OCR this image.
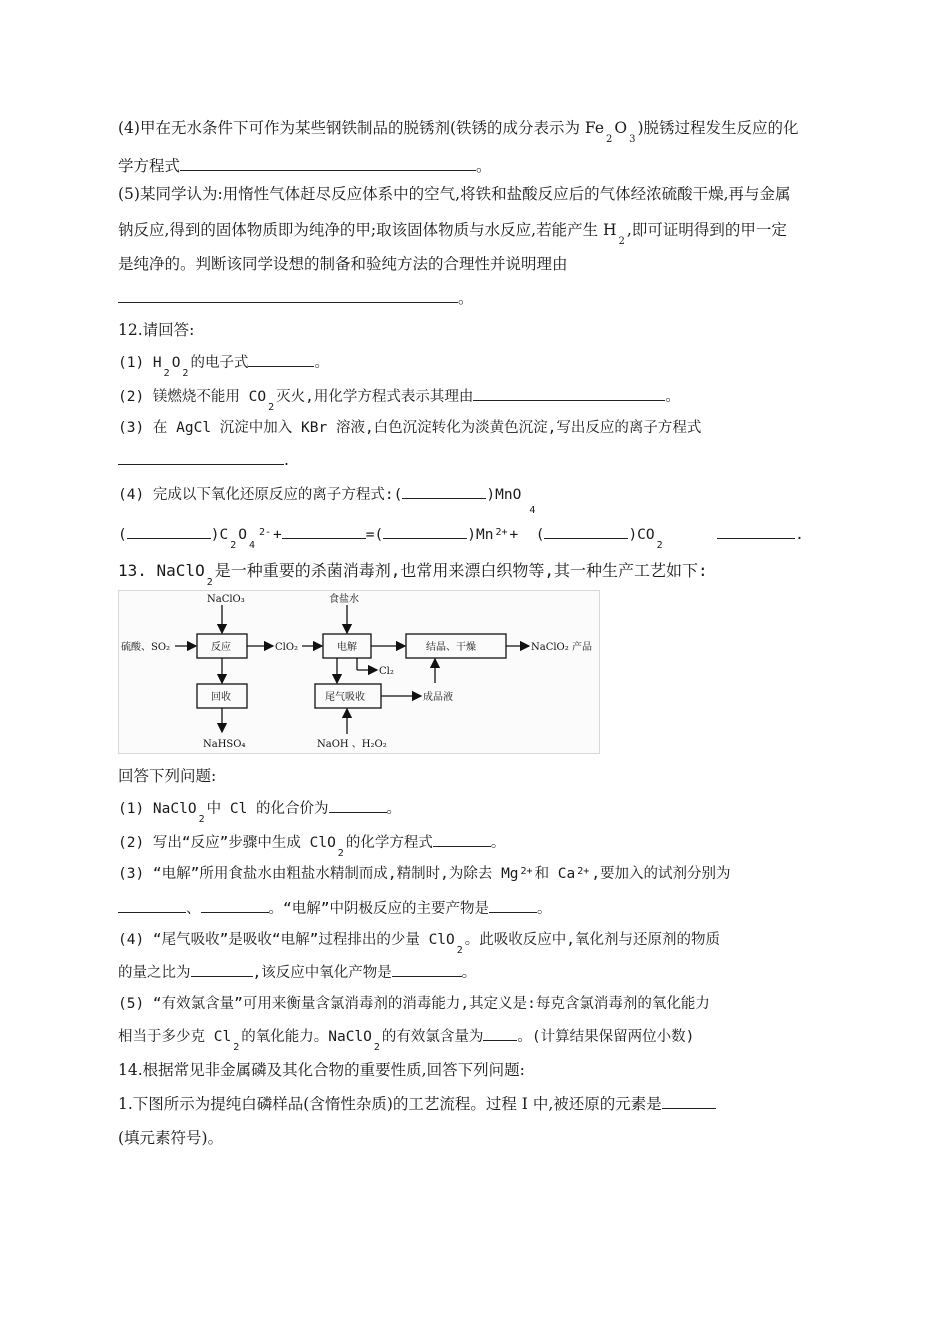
(4)甲在无水条件下可作为某些钢铁制品的脱锈剂(铁锈的成分表示为 $Fe_2O_3$)脱锈过程发生反应的化
学方程式	。
(5)某同学认为:用惰性气体赶尽反应体系中的空气,将铁和盐酸反应后的气体经浓硫酸干燥,再与金属
钠反应,得到的固体物质即为纯净的甲;取该固体物质与水反应,若能产生 $H_2$,即可证明得到的甲一定
是纯净的。判断该同学设想的制备和验纯方法的合理性并说明理由
。
12.请回答:
(1) $H_2O_2$的电子式	。
(2) 镁燃烧不能用 $CO_2$灭火,用化学方程式表示其理由	。
(3) 在 AgCl 沉淀中加入 KBr 溶液,白色沉淀转化为淡黄色沉淀,写出反应的离子方程式
.
(4) 完成以下氧化还原反应的离子方程式:(	)MnO$_4$
(	)$C_2O_4^{2-}$ +	=(	)Mn $^{2+}$ + (	)$CO_2$      .
13. NaClO$_2$是一种重要的杀菌消毒剂,也常用来漂白织物等,其一种生产工艺如下:
NaClO₃	食盐水
硫酸、SO₂	反应	ClO₂	电解	结晶、干燥	NaClO₂ 产品
Cl₂
回收	尾气吸收	成品液
NaHSO₄	NaOH 、H₂O₂
回答下列问题:
(1) NaClO$_2$中 Cl 的化合价为	。
(2) 写出“反应”步骤中生成 ClO$_2$的化学方程式	。
(3) “电解”所用食盐水由粗盐水精制而成,精制时,为除去 Mg $^{2+}$ 和 Ca $^{2+}$ ,要加入的试剂分别为
、	。“电解”中阴极反应的主要产物是	。
(4) “尾气吸收”是吸收“电解”过程排出的少量 ClO$_2$。此吸收反应中,氧化剂与还原剂的物质
的量之比为	,该反应中氧化产物是	。
(5) “有效氯含量”可用来衡量含氯消毒剂的消毒能力,其定义是:每克含氯消毒剂的氧化能力
相当于多少克 $Cl_2$的氧化能力。NaClO$_2$的有效氯含量为 。(计算结果保留两位小数)
14.根据常见非金属磷及其化合物的重要性质,回答下列问题:
1.下图所示为提纯白磷样品(含惰性杂质)的工艺流程。过程 I 中,被还原的元素是
(填元素符号)。
